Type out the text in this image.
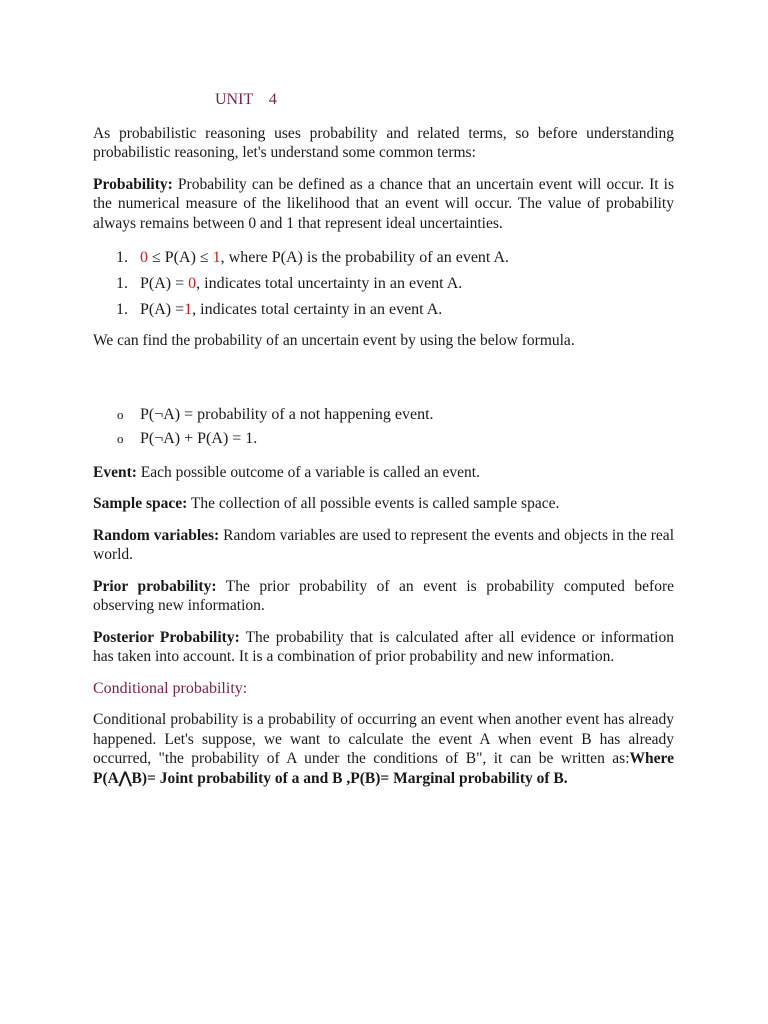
UNIT 4

As probabilistic reasoning uses probability and related terms, so before understanding probabilistic reasoning, let's understand some common terms:

Probability: Probability can be defined as a chance that an uncertain event will occur. It is the numerical measure of the likelihood that an event will occur. The value of probability always remains between 0 and 1 that represent ideal uncertainties.

1. 0 ≤ P(A) ≤ 1, where P(A) is the probability of an event A.
1. P(A) = 0, indicates total uncertainty in an event A.
1. P(A) =1, indicates total certainty in an event A.

We can find the probability of an uncertain event by using the below formula.

o P(¬A) = probability of a not happening event.
o P(¬A) + P(A) = 1.

Event: Each possible outcome of a variable is called an event.

Sample space: The collection of all possible events is called sample space.

Random variables: Random variables are used to represent the events and objects in the real world.

Prior probability: The prior probability of an event is probability computed before observing new information.

Posterior Probability: The probability that is calculated after all evidence or information has taken into account. It is a combination of prior probability and new information.

Conditional probability:

Conditional probability is a probability of occurring an event when another event has already happened. Let's suppose, we want to calculate the event A when event B has already occurred, "the probability of A under the conditions of B", it can be written as:Where P(A⋀B)= Joint probability of a and B ,P(B)= Marginal probability of B.
